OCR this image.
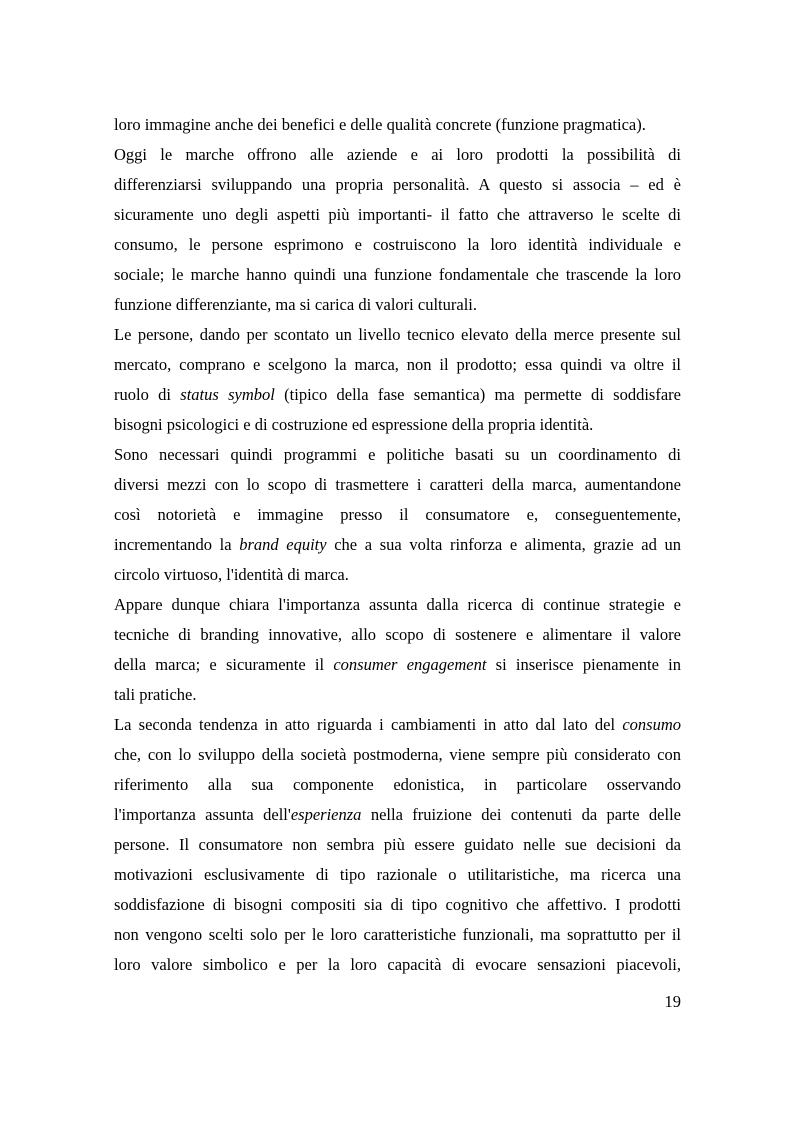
loro immagine anche dei benefici e delle qualità concrete (funzione pragmatica).
Oggi le marche offrono alle aziende e ai loro prodotti la possibilità di
differenziarsi sviluppando una propria personalità. A questo si associa – ed è
sicuramente uno degli aspetti più importanti- il fatto che attraverso le scelte di
consumo, le persone esprimono e costruiscono la loro identità individuale e
sociale; le marche hanno quindi una funzione fondamentale che trascende la loro
funzione differenziante, ma si carica di valori culturali.
Le persone, dando per scontato un livello tecnico elevato della merce presente sul
mercato, comprano e scelgono la marca, non il prodotto; essa quindi va oltre il
ruolo di status symbol (tipico della fase semantica) ma permette di soddisfare
bisogni psicologici e di costruzione ed espressione della propria identità.
Sono necessari quindi programmi e politiche basati su un coordinamento di
diversi mezzi con lo scopo di trasmettere i caratteri della marca, aumentandone
così notorietà e immagine presso il consumatore e, conseguentemente,
incrementando la brand equity che a sua volta rinforza e alimenta, grazie ad un
circolo virtuoso, l'identità di marca.
Appare dunque chiara l'importanza assunta dalla ricerca di continue strategie e
tecniche di branding innovative, allo scopo di sostenere e alimentare il valore
della marca; e sicuramente il consumer engagement si inserisce pienamente in
tali pratiche.
La seconda tendenza in atto riguarda i cambiamenti in atto dal lato del consumo
che, con lo sviluppo della società postmoderna, viene sempre più considerato con
riferimento alla sua componente edonistica, in particolare osservando
l'importanza assunta dell'esperienza nella fruizione dei contenuti da parte delle
persone. Il consumatore non sembra più essere guidato nelle sue decisioni da
motivazioni esclusivamente di tipo razionale o utilitaristiche, ma ricerca una
soddisfazione di bisogni compositi sia di tipo cognitivo che affettivo. I prodotti
non vengono scelti solo per le loro caratteristiche funzionali, ma soprattutto per il
loro valore simbolico e per la loro capacità di evocare sensazioni piacevoli,
19
